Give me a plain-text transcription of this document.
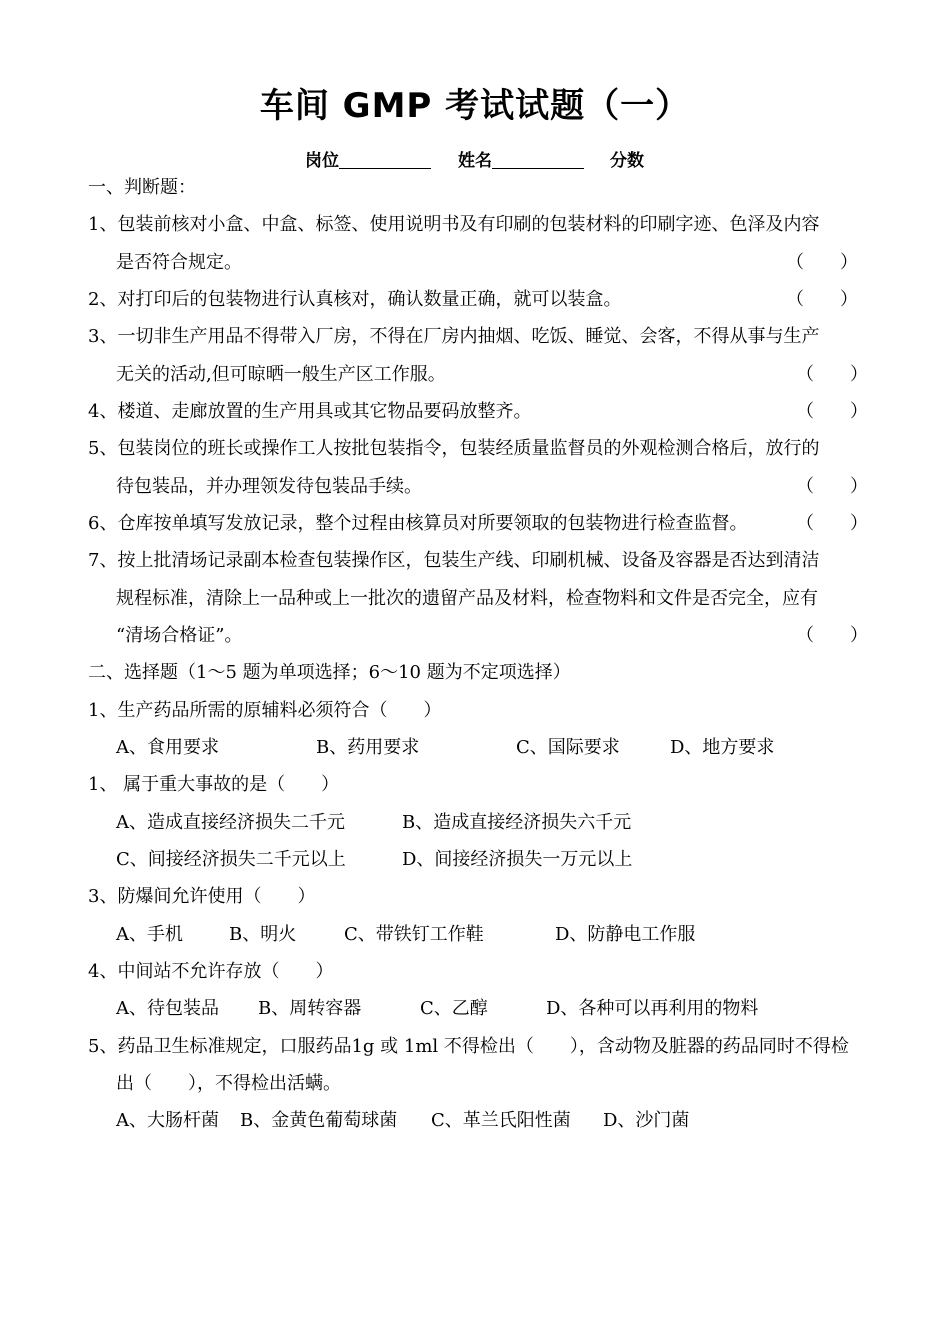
车间 GMP 考试试题（一）
岗位	姓名	分数
一、判断题：
1、包装前核对小盒、中盒、标签、使用说明书及有印刷的包装材料的印刷字迹、色泽及内容
是否符合规定。	（　　）
2、对打印后的包装物进行认真核对，确认数量正确，就可以装盒。	（　　）
3、一切非生产用品不得带入厂房，不得在厂房内抽烟、吃饭、睡觉、会客，不得从事与生产
无关的活动,但可晾晒一般生产区工作服。	（　　）
4、楼道、走廊放置的生产用具或其它物品要码放整齐。	（　　）
5、包装岗位的班长或操作工人按批包装指令，包装经质量监督员的外观检测合格后，放行的
待包装品，并办理领发待包装品手续。	（　　）
6、仓库按单填写发放记录，整个过程由核算员对所要领取的包装物进行检查监督。	（　　）
7、按上批清场记录副本检查包装操作区，包装生产线、印刷机械、设备及容器是否达到清洁
规程标准，清除上一品种或上一批次的遗留产品及材料，检查物料和文件是否完全，应有
“清场合格证”。	（　　）
二、选择题（1～5 题为单项选择；6～10 题为不定项选择）
1、生产药品所需的原辅料必须符合（　　）
A、食用要求	B、药用要求	C、国际要求	D、地方要求
1、 属于重大事故的是（　　）
A、造成直接经济损失二千元	B、造成直接经济损失六千元
C、间接经济损失二千元以上	D、间接经济损失一万元以上
3、防爆间允许使用（　　）
A、手机	B、明火	C、带铁钉工作鞋	D、防静电工作服
4、中间站不允许存放（　　）
A、待包装品 B、周转容器	C、乙醇	D、各种可以再利用的物料
5、药品卫生标准规定，口服药品1g 或 1ml 不得检出（　　），含动物及脏器的药品同时不得检
出（　　），不得检出活螨。
A、大肠杆菌 B、金黄色葡萄球菌 C、革兰氏阳性菌 D、沙门菌
